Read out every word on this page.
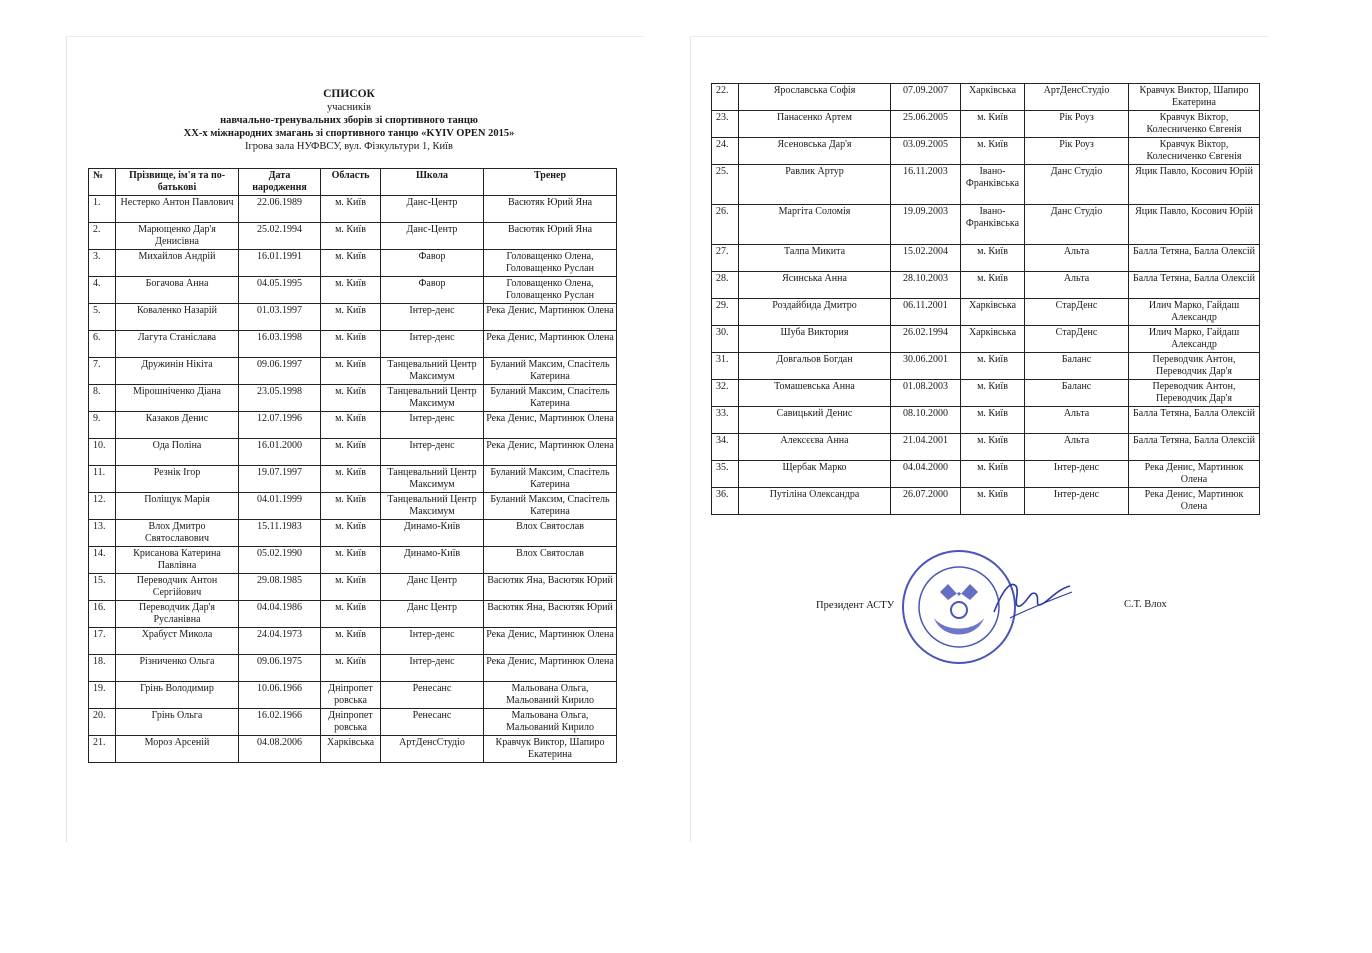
СПИСОК
учасників
навчально-тренувальних зборів зі спортивного танцю
XX-х міжнародних змагань зі спортивного танцю «KYIV OPEN 2015»
Ігрова зала НУФВСУ, вул. Фізкультури 1, Київ
№	Прізвище, ім'я та по-батькові	Дата народження	Область	Школа	Тренер
1.	Нестерко Антон Павлович	22.06.1989	м. Київ	Данс-Центр	Васютяк Юрий Яна
2.	Марющенко Дар'я Денисівна	25.02.1994	м. Київ	Данс-Центр	Васютяк Юрий Яна
3.	Михайлов Андрій	16.01.1991	м. Київ	Фавор	Головащенко Олена, Головащенко Руслан
4.	Богачова Анна	04.05.1995	м. Київ	Фавор	Головащенко Олена, Головащенко Руслан
5.	Коваленко Назарій	01.03.1997	м. Київ	Інтер-денс	Река Денис, Мартинюк Олена
6.	Лагута Станіслава	16.03.1998	м. Київ	Інтер-денс	Река Денис, Мартинюк Олена
7.	Дружинін Нікіта	09.06.1997	м. Київ	Танцевальний Центр Максимум	Буланий Максим, Спасітель Катерина
8.	Мірошніченко Діана	23.05.1998	м. Київ	Танцевальний Центр Максимум	Буланий Максим, Спасітель Катерина
9.	Казаков Денис	12.07.1996	м. Київ	Інтер-денс	Река Денис, Мартинюк Олена
10.	Ода Поліна	16.01.2000	м. Київ	Інтер-денс	Река Денис, Мартинюк Олена
11.	Резнік Ігор	19.07.1997	м. Київ	Танцевальний Центр Максимум	Буланий Максим, Спасітель Катерина
12.	Поліщук Марія	04.01.1999	м. Київ	Танцевальний Центр Максимум	Буланий Максим, Спасітель Катерина
13.	Влох Дмитро Святославович	15.11.1983	м. Київ	Динамо-Київ	Влох Святослав
14.	Крисанова Катерина Павлівна	05.02.1990	м. Київ	Динамо-Київ	Влох Святослав
15.	Переводчик Антон Сергійович	29.08.1985	м. Київ	Данс Центр	Васютяк Яна, Васютяк Юрий
16.	Переводчик Дар'я Русланівна	04.04.1986	м. Київ	Данс Центр	Васютяк Яна, Васютяк Юрий
17.	Храбуст Микола	24.04.1973	м. Київ	Інтер-денс	Река Денис, Мартинюк Олена
18.	Різниченко Ольга	09.06.1975	м. Київ	Інтер-денс	Река Денис, Мартинюк Олена
19.	Грінь Володимир	10.06.1966	Дніпропет ровська	Ренесанс	Мальована Ольга, Мальований Кирило
20.	Грінь Ольга	16.02.1966	Дніпропет ровська	Ренесанс	Мальована Ольга, Мальований Кирило
21.	Мороз Арсеній	04.08.2006	Харківська	АртДенсСтудіо	Кравчук Виктор, Шапиро Екатерина
22.	Ярославська Софія	07.09.2007	Харківська	АртДенсСтудіо	Кравчук Виктор, Шапиро Екатерина
23.	Панасенко Артем	25.06.2005	м. Київ	Рік Роуз	Кравчук Віктор, Колесниченко Євгенія
24.	Ясеновська Дар'я	03.09.2005	м. Київ	Рік Роуз	Кравчук Віктор, Колесниченко Євгенія
25.	Равлик Артур	16.11.2003	Івано-Франківська	Данс Студіо	Яцик Павло, Косович Юрій
26.	Маргіта Соломія	19.09.2003	Івано-Франківська	Данс Студіо	Яцик Павло, Косович Юрій
27.	Талпа Микита	15.02.2004	м. Київ	Альта	Балла Тетяна, Балла Олексій
28.	Ясинська Анна	28.10.2003	м. Київ	Альта	Балла Тетяна, Балла Олексій
29.	Роздайбида Дмитро	06.11.2001	Харківська	СтарДенс	Илич Марко, Гайдаш Александр
30.	Шуба Виктория	26.02.1994	Харківська	СтарДенс	Илич Марко, Гайдаш Александр
31.	Довгальов Богдан	30.06.2001	м. Київ	Баланс	Переводчик Антон, Переводчик Дар'я
32.	Томашевська Анна	01.08.2003	м. Київ	Баланс	Переводчик Антон, Переводчик Дар'я
33.	Савицький Денис	08.10.2000	м. Київ	Альта	Балла Тетяна, Балла Олексій
34.	Алексєєва Анна	21.04.2001	м. Київ	Альта	Балла Тетяна, Балла Олексій
35.	Щербак Марко	04.04.2000	м. Київ	Інтер-денс	Река Денис, Мартинюк Олена
36.	Путіліна Олександра	26.07.2000	м. Київ	Інтер-денс	Река Денис, Мартинюк Олена
Президент АСТУ	С.Т. Влох
